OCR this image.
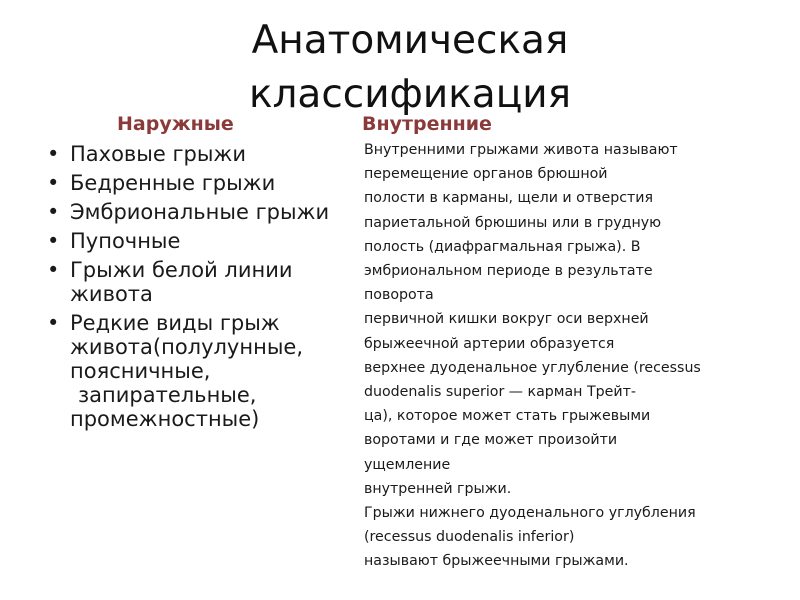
Наружные	Внутренние
Анатомическая классификация
• Паховые грыжи
• Бедренные грыжи
• Эмбриональные грыжи
• Пупочные
• Грыжи белой линии живота
• Редкие виды грыж живота(полулунные, поясничные,
запирательные,
промежностные)
Внутренними грыжами живота называют
перемещение органов брюшной
полости в карманы, щели и отверстия
париетальной брюшины или в грудную
полость (диафрагмальная грыжа). В
эмбриональном периоде в результате
поворота
первичной кишки вокруг оси верхней
брыжеечной артерии образуется
верхнее дуоденальное углубление (recessus
duodenalis superior — карман Трейт-
ца), которое может стать грыжевыми
воротами и где может произойти
ущемление
внутренней грыжи.
Грыжи нижнего дуоденального углубления
(recessus duodenalis inferior)
называют брыжеечными грыжами.
